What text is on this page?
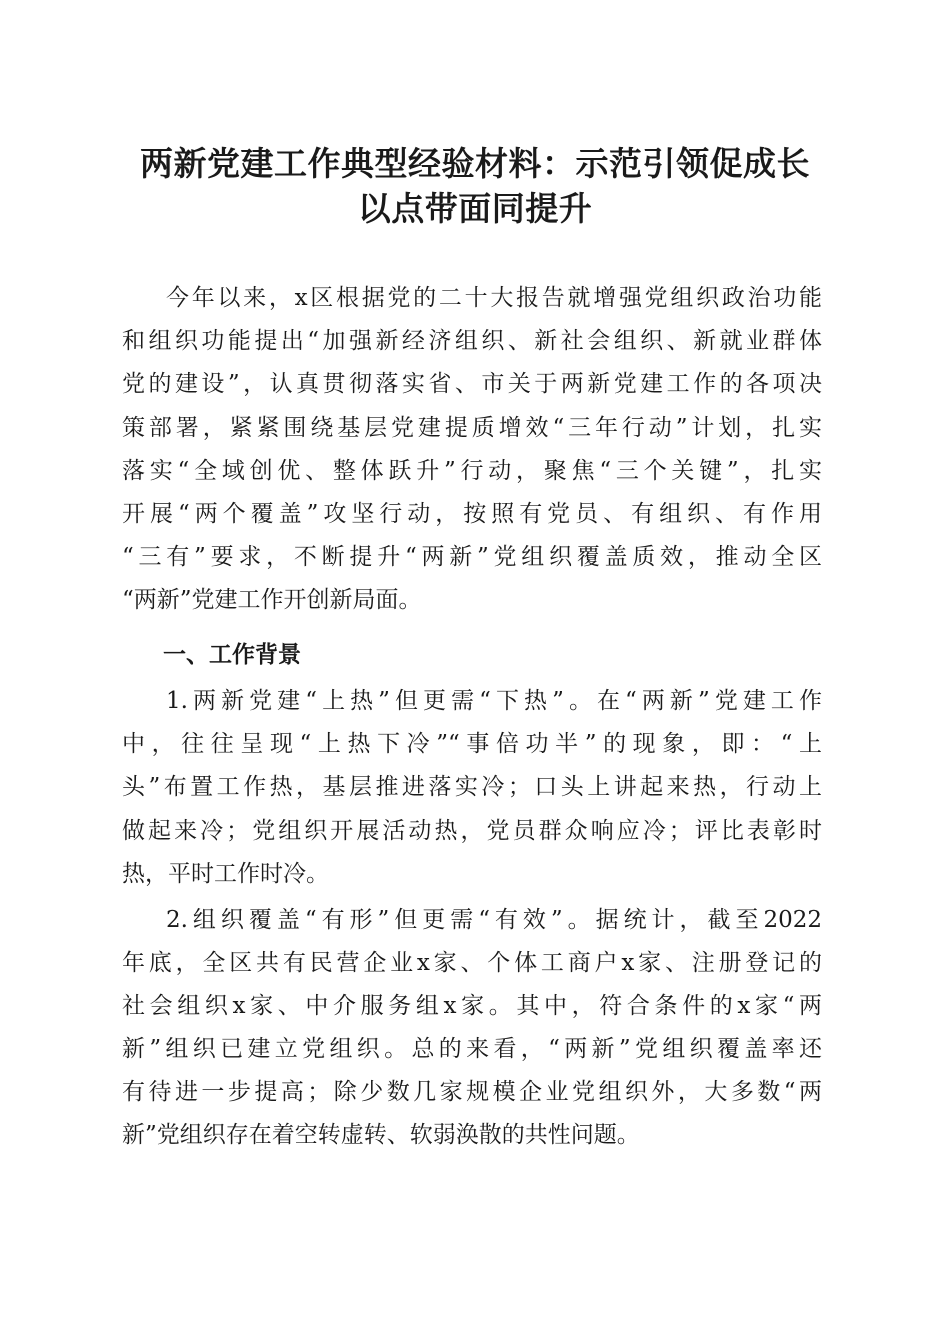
两新党建工作典型经验材料：示范引领促成长
以点带面同提升
今年以来，x区根据党的二十大报告就增强党组织政治功能
和组织功能提出“加强新经济组织、新社会组织、新就业群体
党的建设”，认真贯彻落实省、市关于两新党建工作的各项决
策部署，紧紧围绕基层党建提质增效“三年行动”计划，扎实
落实“全域创优、整体跃升”行动，聚焦“三个关键”，扎实
开展“两个覆盖”攻坚行动，按照有党员、有组织、有作用
“三有”要求，不断提升“两新”党组织覆盖质效，推动全区
“两新”党建工作开创新局面。
一、工作背景
1.两新党建“上热”但更需“下热”。在“两新”党建工作
中，往往呈现“上热下冷”“事倍功半”的现象，即：“上
头”布置工作热，基层推进落实冷；口头上讲起来热，行动上
做起来冷；党组织开展活动热，党员群众响应冷；评比表彰时
热，平时工作时冷。
2.组织覆盖“有形”但更需“有效”。据统计，截至2022
年底，全区共有民营企业x家、个体工商户x家、注册登记的
社会组织x家、中介服务组x家。其中，符合条件的x家“两
新”组织已建立党组织。总的来看，“两新”党组织覆盖率还
有待进一步提高；除少数几家规模企业党组织外，大多数“两
新”党组织存在着空转虚转、软弱涣散的共性问题。
